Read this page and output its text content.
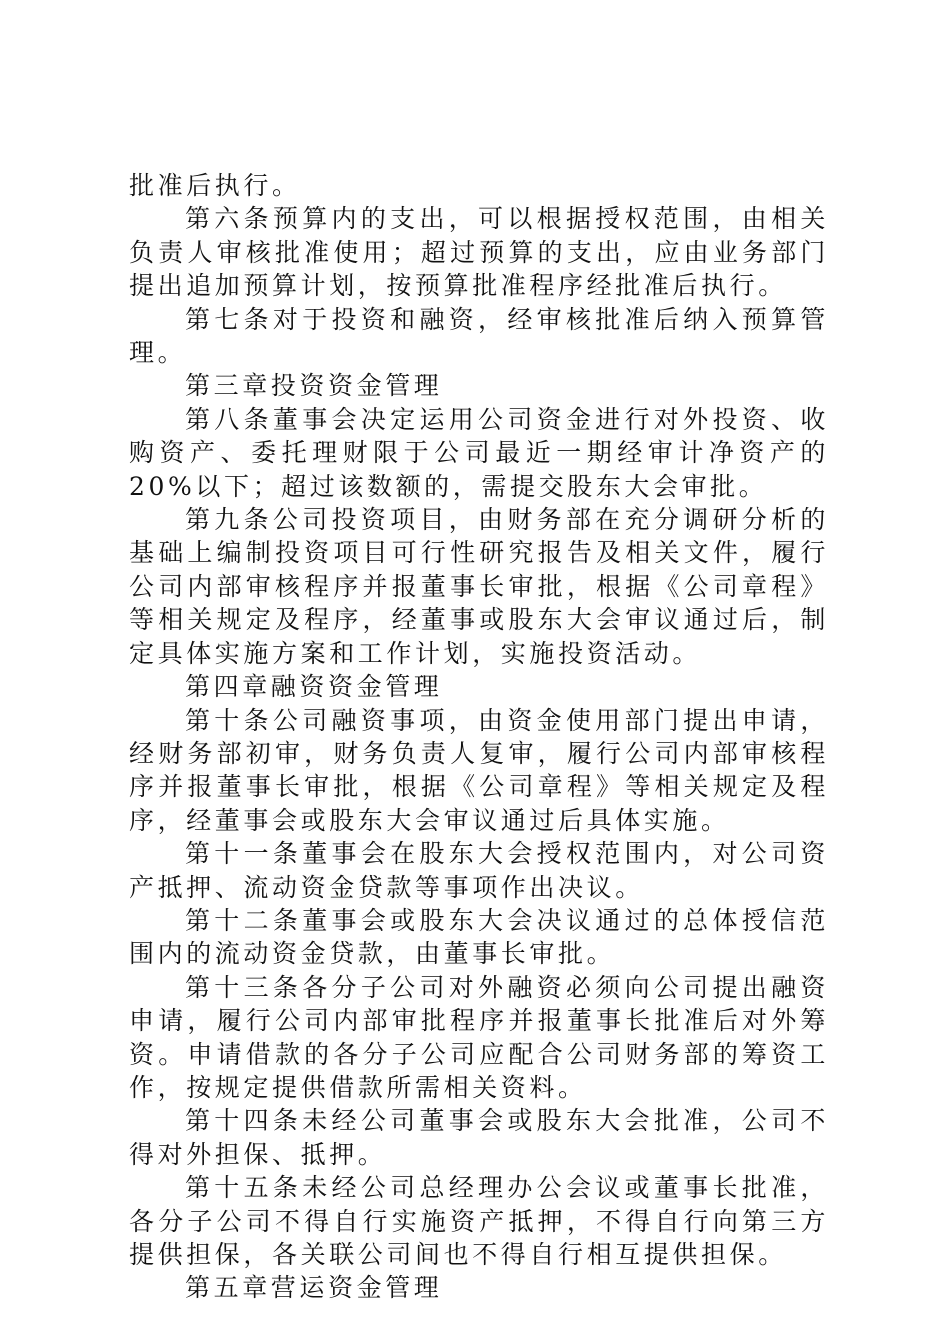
批准后执行。

第六条预算内的支出，可以根据授权范围，由相关负责人审核批准使用；超过预算的支出，应由业务部门提出追加预算计划，按预算批准程序经批准后执行。

第七条对于投资和融资，经审核批准后纳入预算管理。

第三章投资资金管理

第八条董事会决定运用公司资金进行对外投资、收购资产、委托理财限于公司最近一期经审计净资产的20%以下；超过该数额的，需提交股东大会审批。

第九条公司投资项目，由财务部在充分调研分析的基础上编制投资项目可行性研究报告及相关文件，履行公司内部审核程序并报董事长审批，根据《公司章程》等相关规定及程序，经董事或股东大会审议通过后，制定具体实施方案和工作计划，实施投资活动。

第四章融资资金管理

第十条公司融资事项，由资金使用部门提出申请，经财务部初审，财务负责人复审，履行公司内部审核程序并报董事长审批，根据《公司章程》等相关规定及程序，经董事会或股东大会审议通过后具体实施。

第十一条董事会在股东大会授权范围内，对公司资产抵押、流动资金贷款等事项作出决议。

第十二条董事会或股东大会决议通过的总体授信范围内的流动资金贷款，由董事长审批。

第十三条各分子公司对外融资必须向公司提出融资申请，履行公司内部审批程序并报董事长批准后对外筹资。申请借款的各分子公司应配合公司财务部的筹资工作，按规定提供借款所需相关资料。

第十四条未经公司董事会或股东大会批准，公司不得对外担保、抵押。

第十五条未经公司总经理办公会议或董事长批准，各分子公司不得自行实施资产抵押，不得自行向第三方提供担保，各关联公司间也不得自行相互提供担保。

第五章营运资金管理
